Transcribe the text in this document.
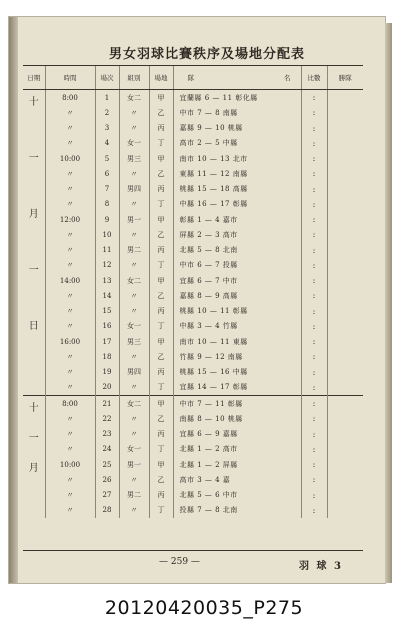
男女羽球比賽秩序及場地分配表
日期	時間	場次	組別	場地	隊 名	比數	勝隊

十
一
月
一
日	8:00	1	女二	甲	宜蘭縣 6 — 11 彰化縣	:	
	〃	2	〃	乙	中市 7 — 8 南縣	:	
	〃	3	〃	丙	嘉縣 9 — 10 桃縣	:	
	〃	4	女一	丁	高市 2 — 5 中縣	:	
	10:00	5	男三	甲	南市 10 — 13 北市	:	
	〃	6	〃	乙	東縣 11 — 12 南縣	:	
	〃	7	男四	丙	桃縣 15 — 18 高縣	:	
	〃	8	〃	丁	中縣 16 — 17 彰縣	:	
	12:00	9	男一	甲	彰縣 1 — 4 嘉市	:	
	〃	10	〃	乙	屏縣 2 — 3 高市	:	
	〃	11	男二	丙	北縣 5 — 8 北南	:	
	〃	12	〃	丁	中市 6 — 7 投縣	:	
	14:00	13	女二	甲	宜縣 6 — 7 中市	:	
	〃	14	〃	乙	嘉縣 8 — 9 高縣	:	
	〃	15	〃	丙	桃縣 10 — 11 彰縣	:	
	〃	16	女一	丁	中縣 3 — 4 竹縣	:	
	16:00	17	男三	甲	南市 10 — 11 東縣	:	
	〃	18	〃	乙	竹縣 9 — 12 南縣	:	
	〃	19	男四	丙	桃縣 15 — 16 中縣	:	
	〃	20	〃	丁	宜縣 14 — 17 彰縣	:	

十
一
月	8:00	21	女二	甲	中市 7 — 11 彰縣	:	
	〃	22	〃	乙	南縣 8 — 10 桃縣	:	
	〃	23	〃	丙	宜縣 6 — 9 嘉縣	:	
	〃	24	女一	丁	北縣 1 — 2 高市	:	
	10:00	25	男一	甲	北縣 1 — 2 屏縣	:	
	〃	26	〃	乙	高市 3 — 4 嘉	:	
	〃	27	男二	丙	北縣 5 — 6 中市	:	
	〃	28	〃	丁	投縣 7 — 8 北南	:	
— 259 —	羽 球 3
20120420035_P275
